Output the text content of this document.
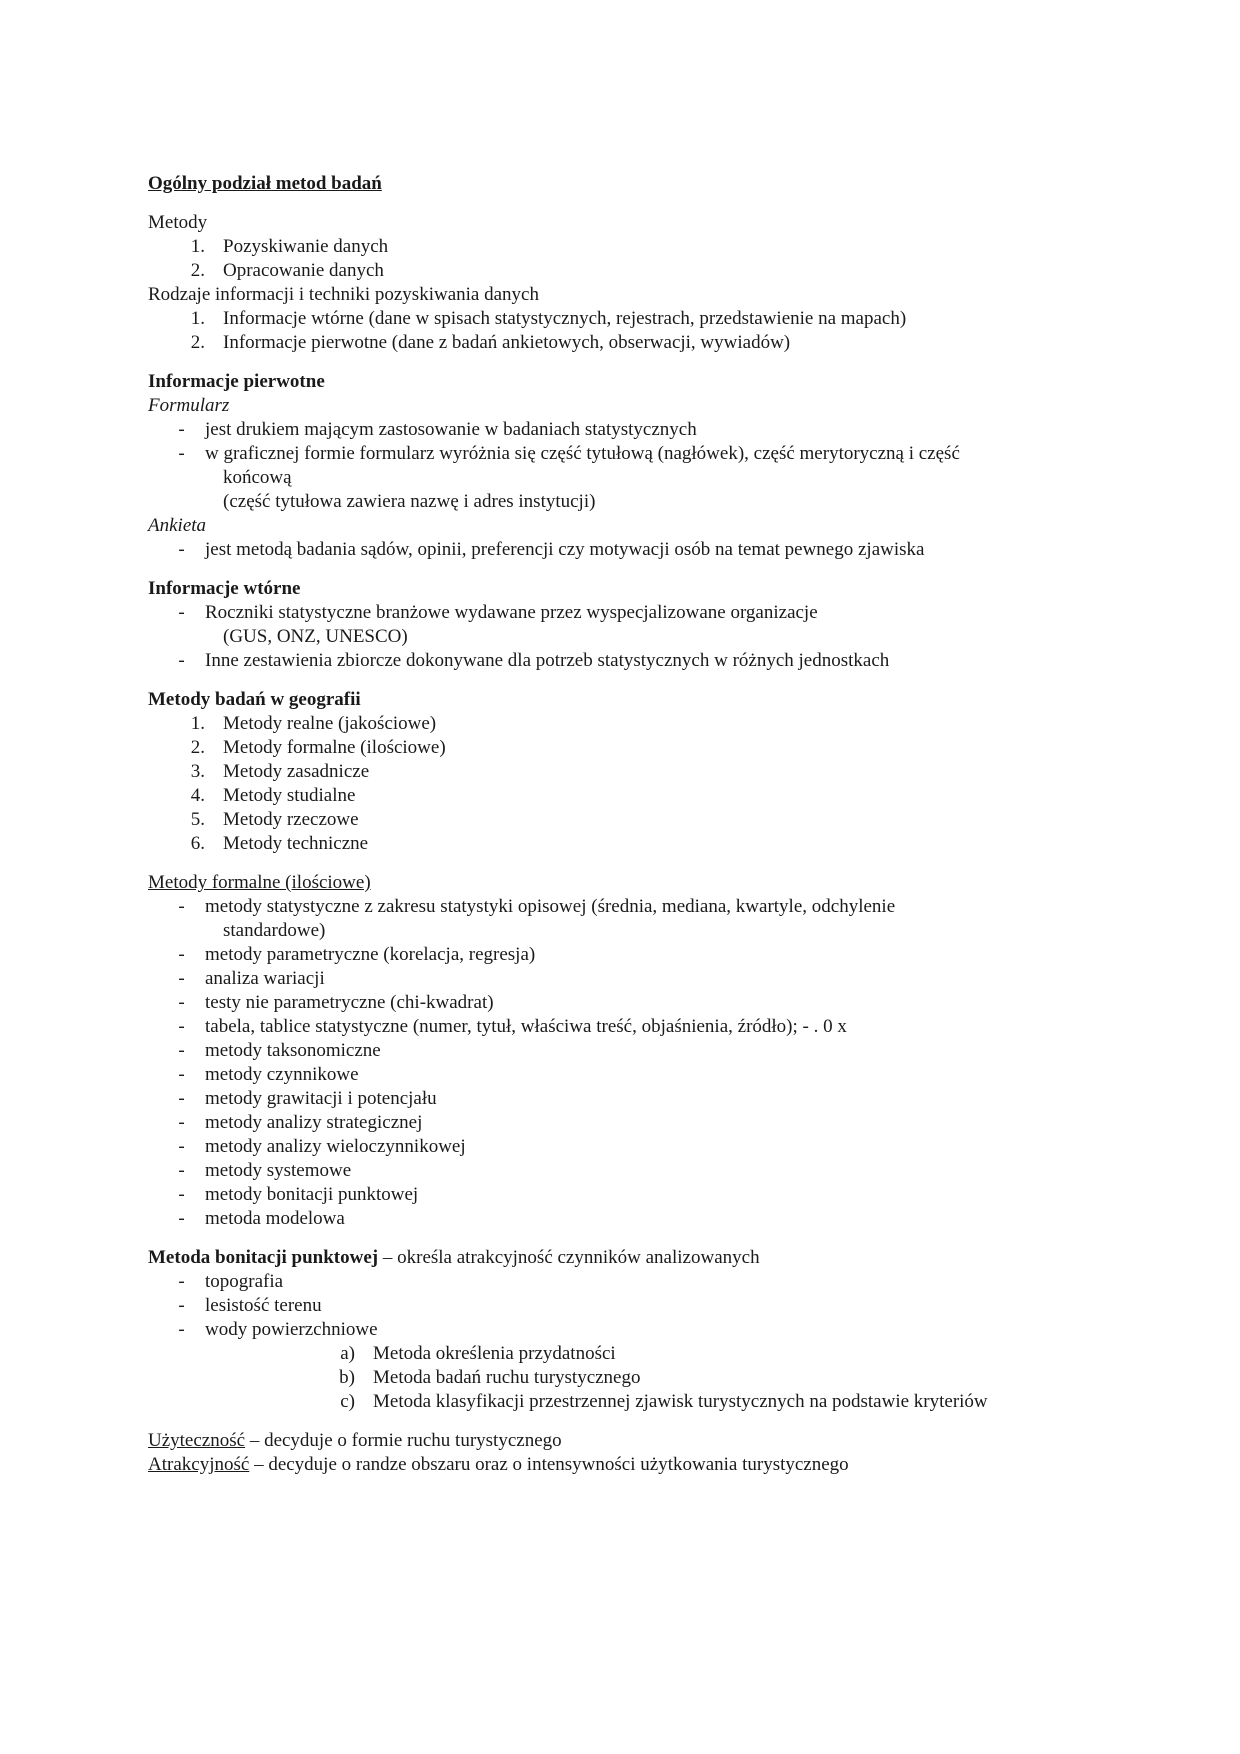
Ogólny podział metod badań
Metody
1. Pozyskiwanie danych
2. Opracowanie danych
Rodzaje informacji i techniki pozyskiwania danych
1. Informacje wtórne (dane w spisach statystycznych, rejestrach, przedstawienie na mapach)
2. Informacje pierwotne (dane z badań ankietowych, obserwacji, wywiadów)
Informacje pierwotne
Formularz
-	jest drukiem mającym zastosowanie w badaniach statystycznych
-	w graficznej formie formularz wyróżnia się część tytułową (nagłówek), część merytoryczną i część
końcową
(część tytułowa zawiera nazwę i adres instytucji)
Ankieta
-	jest metodą badania sądów, opinii, preferencji czy motywacji osób na temat pewnego zjawiska
Informacje wtórne
-	Roczniki statystyczne branżowe wydawane przez wyspecjalizowane organizacje
(GUS, ONZ, UNESCO)
-	Inne zestawienia zbiorcze dokonywane dla potrzeb statystycznych w różnych jednostkach
Metody badań w geografii
1. Metody realne (jakościowe)
2. Metody formalne (ilościowe)
3. Metody zasadnicze
4. Metody studialne
5. Metody rzeczowe
6. Metody techniczne
Metody formalne (ilościowe)
-	metody statystyczne z zakresu statystyki opisowej (średnia, mediana, kwartyle, odchylenie
standardowe)
-	metody parametryczne (korelacja, regresja)
-	analiza wariacji
-	testy nie parametryczne (chi-kwadrat)
-	tabela, tablice statystyczne (numer, tytuł, właściwa treść, objaśnienia, źródło); - . 0 x
-	metody taksonomiczne
-	metody czynnikowe
-	metody grawitacji i potencjału
-	metody analizy strategicznej
-	metody analizy wieloczynnikowej
-	metody systemowe
-	metody bonitacji punktowej
-	metoda modelowa
Metoda bonitacji punktowej – określa atrakcyjność czynników analizowanych
-	topografia
-	lesistość terenu
-	wody powierzchniowe
a) Metoda określenia przydatności
b) Metoda badań ruchu turystycznego
c) Metoda klasyfikacji przestrzennej zjawisk turystycznych na podstawie kryteriów
Użyteczność – decyduje o formie ruchu turystycznego
Atrakcyjność – decyduje o randze obszaru oraz o intensywności użytkowania turystycznego
